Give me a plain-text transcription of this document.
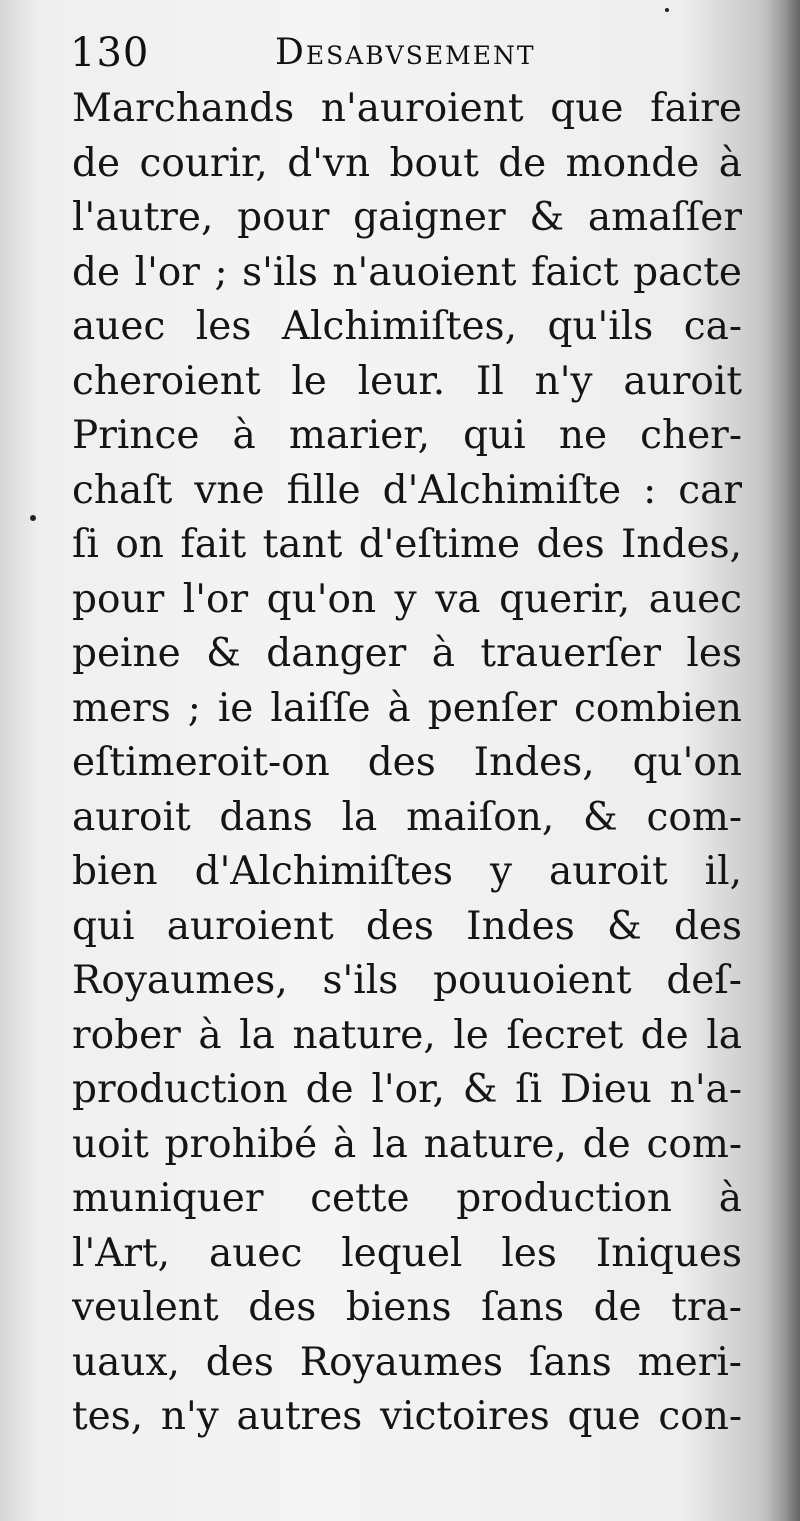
130	Desabvsement
Marchands n'auroient que faire
de courir, d'vn bout de monde à
l'autre, pour gaigner & amaſſer
de l'or ; s'ils n'auoient faict pacte
auec les Alchimiſtes, qu'ils ca-
cheroient le leur. Il n'y auroit
Prince à marier, qui ne cher-
chaſt vne fille d'Alchimiſte : car
ſi on fait tant d'eſtime des Indes,
pour l'or qu'on y va querir, auec
peine & danger à trauerſer les
mers ; ie laiſſe à penſer combien
eſtimeroit-on des Indes, qu'on
auroit dans la maiſon, & com-
bien d'Alchimiſtes y auroit il,
qui auroient des Indes & des
Royaumes, s'ils pouuoient deſ-
rober à la nature, le ſecret de la
production de l'or, & ſi Dieu n'a-
uoit prohibé à la nature, de com-
muniquer cette production à
l'Art, auec lequel les Iniques
veulent des biens ſans de tra-
uaux, des Royaumes ſans meri-
tes, n'y autres victoires que con-
